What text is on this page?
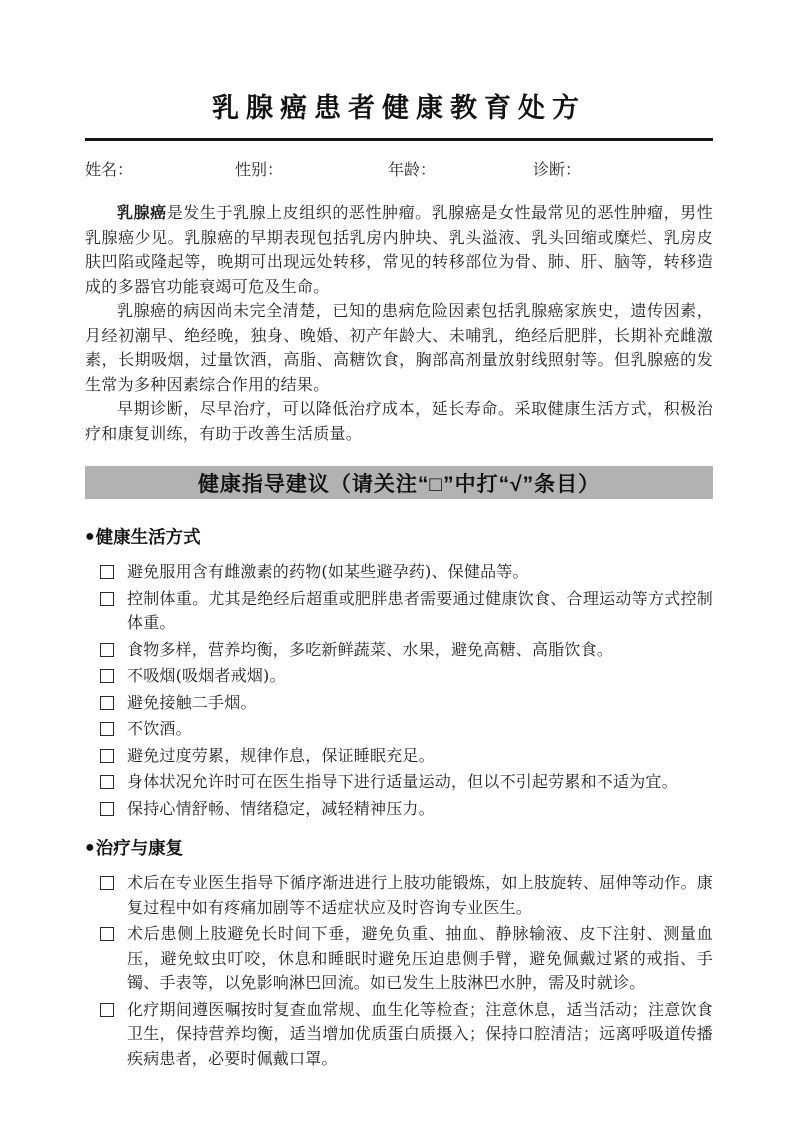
乳腺癌患者健康教育处方
姓名：	性别：	年龄：	诊断：

乳腺癌是发生于乳腺上皮组织的恶性肿瘤。乳腺癌是女性最常见的恶性肿瘤，男性乳腺癌少见。乳腺癌的早期表现包括乳房内肿块、乳头溢液、乳头回缩或糜烂、乳房皮肤凹陷或隆起等，晚期可出现远处转移，常见的转移部位为骨、肺、肝、脑等，转移造成的多器官功能衰竭可危及生命。

乳腺癌的病因尚未完全清楚，已知的患病危险因素包括乳腺癌家族史，遗传因素，月经初潮早、绝经晚，独身、晚婚、初产年龄大、未哺乳，绝经后肥胖，长期补充雌激素，长期吸烟，过量饮酒，高脂、高糖饮食，胸部高剂量放射线照射等。但乳腺癌的发生常为多种因素综合作用的结果。

早期诊断，尽早治疗，可以降低治疗成本，延长寿命。采取健康生活方式，积极治疗和康复训练，有助于改善生活质量。

健康指导建议（请关注“□”中打“√”条目）
● 健康生活方式
避免服用含有雌激素的药物(如某些避孕药)、保健品等。
控制体重。尤其是绝经后超重或肥胖患者需要通过健康饮食、合理运动等方式控制体重。
食物多样，营养均衡，多吃新鲜蔬菜、水果，避免高糖、高脂饮食。
不吸烟(吸烟者戒烟)。
避免接触二手烟。
不饮酒。
避免过度劳累，规律作息，保证睡眠充足。
身体状况允许时可在医生指导下进行适量运动，但以不引起劳累和不适为宜。
保持心情舒畅、情绪稳定，减轻精神压力。
● 治疗与康复
术后在专业医生指导下循序渐进进行上肢功能锻炼，如上肢旋转、屈伸等动作。康复过程中如有疼痛加剧等不适症状应及时咨询专业医生。
术后患侧上肢避免长时间下垂，避免负重、抽血、静脉输液、皮下注射、测量血压，避免蚊虫叮咬，休息和睡眠时避免压迫患侧手臂，避免佩戴过紧的戒指、手镯、手表等，以免影响淋巴回流。如已发生上肢淋巴水肿，需及时就诊。
化疗期间遵医嘱按时复查血常规、血生化等检查；注意休息，适当活动；注意饮食卫生，保持营养均衡，适当增加优质蛋白质摄入；保持口腔清洁；远离呼吸道传播疾病患者，必要时佩戴口罩。
